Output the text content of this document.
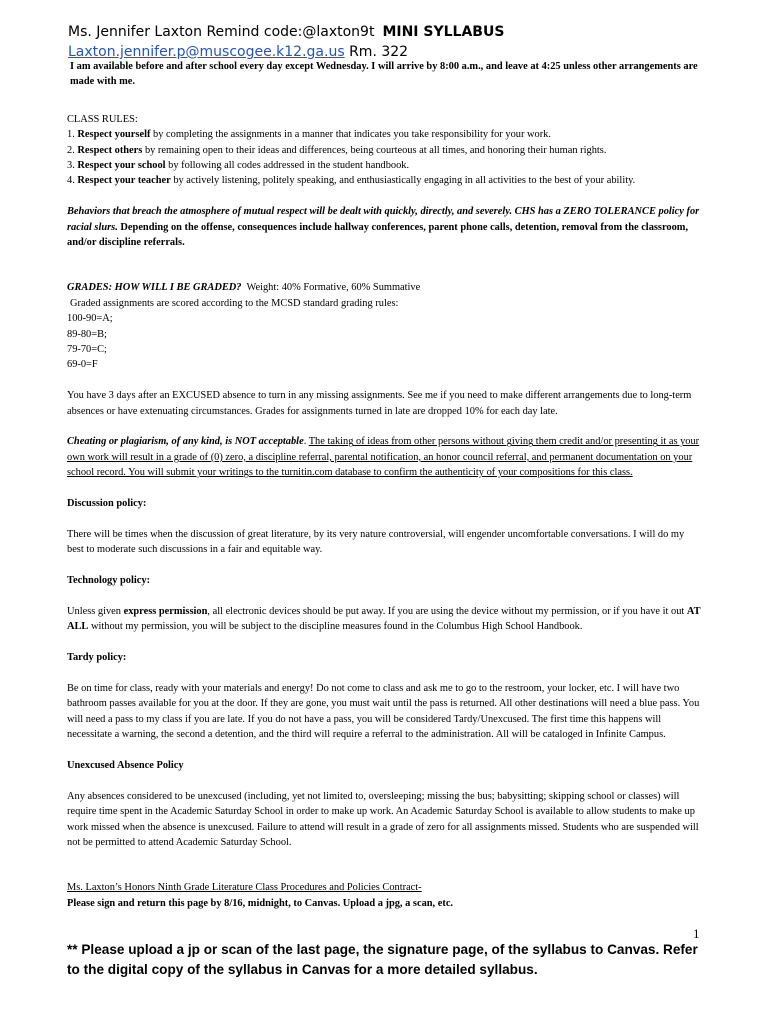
Ms. Jennifer Laxton Remind code:@laxton9t MINI SYLLABUS
Laxton.jennifer.p@muscogee.k12.ga.us Rm. 322

I am available before and after school every day except Wednesday. I will arrive by 8:00 a.m., and leave at 4:25 unless other arrangements are made with me.

CLASS RULES:

1. Respect yourself by completing the assignments in a manner that indicates you take responsibility for your work.

2. Respect others by remaining open to their ideas and differences, being courteous at all times, and honoring their human rights.

3. Respect your school by following all codes addressed in the student handbook.

4. Respect your teacher by actively listening, politely speaking, and enthusiastically engaging in all activities to the best of your ability.

Behaviors that breach the atmosphere of mutual respect will be dealt with quickly, directly, and severely. CHS has a ZERO TOLERANCE policy for racial slurs. Depending on the offense, consequences include hallway conferences, parent phone calls, detention, removal from the classroom, and/or discipline referrals.

GRADES: HOW WILL I BE GRADED? Weight: 40% Formative, 60% Summative

Graded assignments are scored according to the MCSD standard grading rules:

100-90=A;

89-80=B;

79-70=C;

69-0=F

You have 3 days after an EXCUSED absence to turn in any missing assignments. See me if you need to make different arrangements due to long-term absences or have extenuating circumstances. Grades for assignments turned in late are dropped 10% for each day late.

Cheating or plagiarism, of any kind, is NOT acceptable. The taking of ideas from other persons without giving them credit and/or presenting it as your own work will result in a grade of (0) zero, a discipline referral, parental notification, an honor council referral, and permanent documentation on your school record. You will submit your writings to the turnitin.com database to confirm the authenticity of your compositions for this class.

Discussion policy:

There will be times when the discussion of great literature, by its very nature controversial, will engender uncomfortable conversations. I will do my best to moderate such discussions in a fair and equitable way.

Technology policy:

Unless given express permission, all electronic devices should be put away. If you are using the device without my permission, or if you have it out AT ALL without my permission, you will be subject to the discipline measures found in the Columbus High School Handbook.

Tardy policy:

Be on time for class, ready with your materials and energy! Do not come to class and ask me to go to the restroom, your locker, etc. I will have two bathroom passes available for you at the door. If they are gone, you must wait until the pass is returned. All other destinations will need a blue pass. You will need a pass to my class if you are late. If you do not have a pass, you will be considered Tardy/Unexcused. The first time this happens will necessitate a warning, the second a detention, and the third will require a referral to the administration. All will be cataloged in Infinite Campus.

Unexcused Absence Policy

Any absences considered to be unexcused (including, yet not limited to, oversleeping; missing the bus; babysitting; skipping school or classes) will require time spent in the Academic Saturday School in order to make up work. An Academic Saturday School is available to allow students to make up work missed when the absence is unexcused. Failure to attend will result in a grade of zero for all assignments missed. Students who are suspended will not be permitted to attend Academic Saturday School.

Ms. Laxton’s Honors Ninth Grade Literature Class Procedures and Policies Contract-

Please sign and return this page by 8/16, midnight, to Canvas. Upload a jpg, a scan, etc.

1
** Please upload a jp or scan of the last page, the signature page, of the syllabus to Canvas. Refer to the digital copy of the syllabus in Canvas for a more detailed syllabus.
